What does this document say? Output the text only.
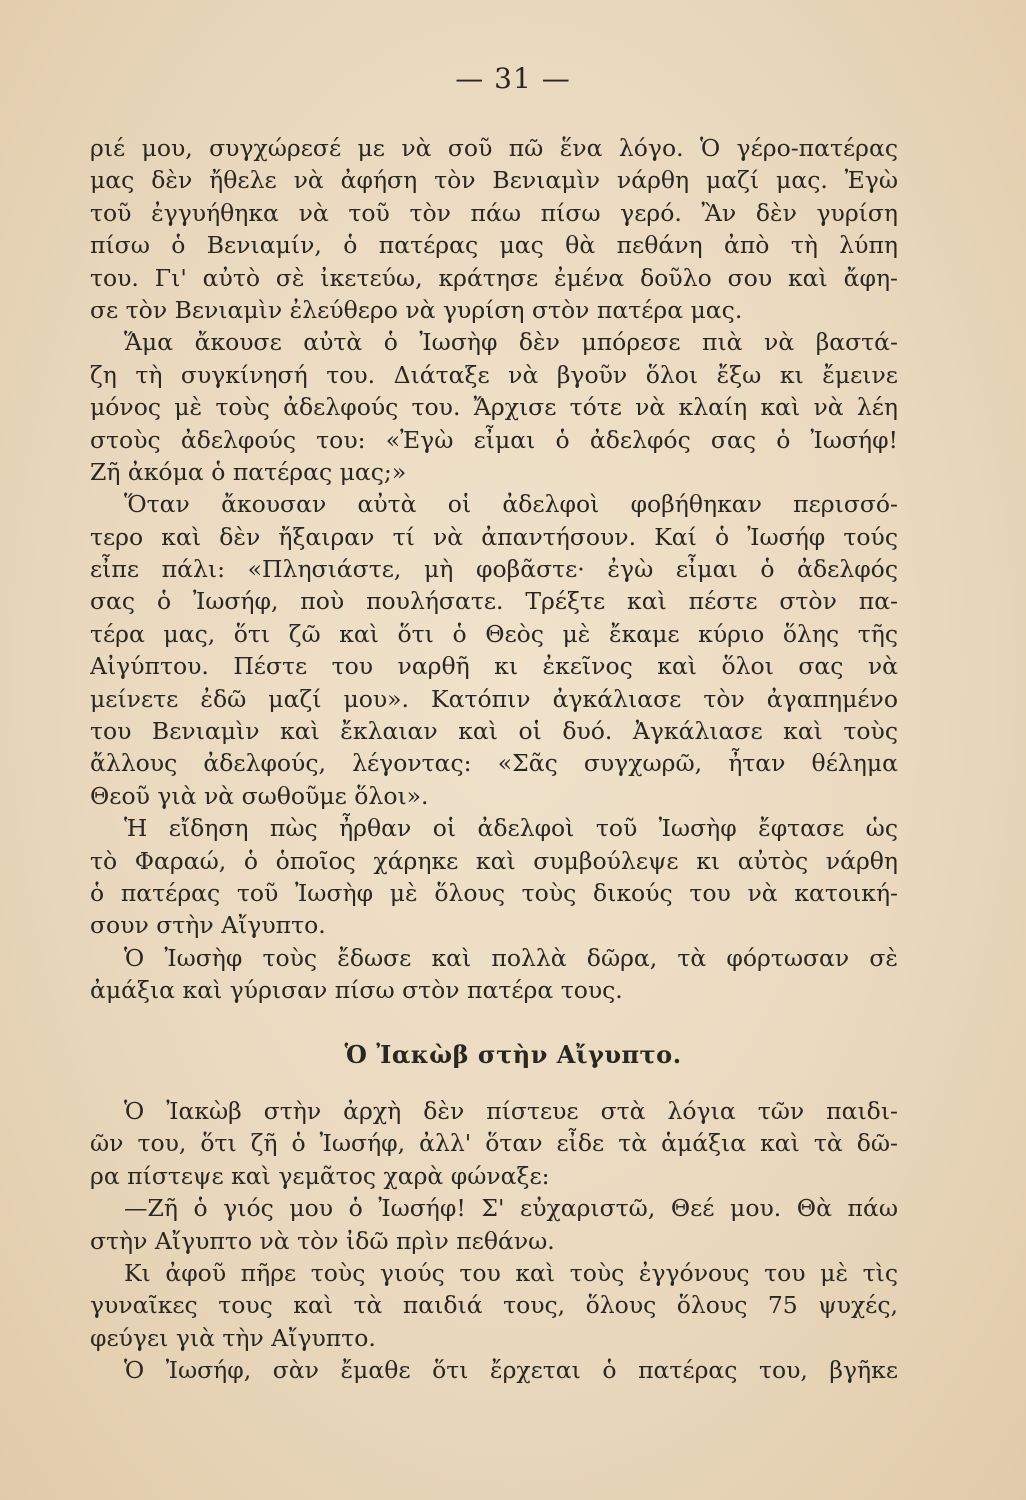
— 31 —
ριέ μου, συγχώρεσέ με νὰ σοῦ πῶ ἕνα λόγο. Ὁ γέρο-πατέρας
μας δὲν ἤθελε νὰ ἀφήση τὸν Βενιαμὶν νάρθη μαζί μας. Ἐγὼ
τοῦ ἐγγυήθηκα νὰ τοῦ τὸν πάω πίσω γερό. Ἂν δὲν γυρίση
πίσω ὁ Βενιαμίν, ὁ πατέρας μας θὰ πεθάνη ἀπὸ τὴ λύπη
του. Γι' αὐτὸ σὲ ἰκετεύω, κράτησε ἐμένα δοῦλο σου καὶ ἄφη-
σε τὸν Βενιαμὶν ἐλεύθερο νὰ γυρίση στὸν πατέρα μας.
Ἅμα ἄκουσε αὐτὰ ὁ Ἰωσὴφ δὲν μπόρεσε πιὰ νὰ βαστά-
ζη τὴ συγκίνησή του. Διάταξε νὰ βγοῦν ὅλοι ἔξω κι ἔμεινε
μόνος μὲ τοὺς ἀδελφούς του. Ἄρχισε τότε νὰ κλαίη καὶ νὰ λέη
στοὺς ἀδελφούς του: «Ἐγὼ εἶμαι ὁ ἀδελφός σας ὁ Ἰωσήφ!
Ζῆ ἀκόμα ὁ πατέρας μας;»
Ὅταν ἄκουσαν αὐτὰ οἱ ἀδελφοὶ φοβήθηκαν περισσό-
τερο καὶ δὲν ἤξαιραν τί νὰ ἀπαντήσουν. Καί ὁ Ἰωσήφ τούς
εἶπε πάλι: «Πλησιάστε, μὴ φοβᾶστε· ἐγὼ εἶμαι ὁ ἀδελφός
σας ὁ Ἰωσήφ, ποὺ πουλήσατε. Τρέξτε καὶ πέστε στὸν πα-
τέρα μας, ὅτι ζῶ καὶ ὅτι ὁ Θεὸς μὲ ἔκαμε κύριο ὅλης τῆς
Αἰγύπτου. Πέστε του ναρθῆ κι ἐκεῖνος καὶ ὅλοι σας νὰ
μείνετε ἐδῶ μαζί μου». Κατόπιν ἀγκάλιασε τὸν ἀγαπημένο
του Βενιαμὶν καὶ ἔκλαιαν καὶ οἱ δυό. Ἀγκάλιασε καὶ τοὺς
ἄλλους ἀδελφούς, λέγοντας: «Σᾶς συγχωρῶ, ἦταν θέλημα
Θεοῦ γιὰ νὰ σωθοῦμε ὅλοι».
Ἡ εἴδηση πὼς ἦρθαν οἱ ἀδελφοὶ τοῦ Ἰωσὴφ ἔφτασε ὡς
τὸ Φαραώ, ὁ ὁποῖος χάρηκε καὶ συμβούλεψε κι αὐτὸς νάρθη
ὁ πατέρας τοῦ Ἰωσὴφ μὲ ὅλους τοὺς δικούς του νὰ κατοική-
σουν στὴν Αἴγυπτο.
Ὁ Ἰωσὴφ τοὺς ἔδωσε καὶ πολλὰ δῶρα, τὰ φόρτωσαν σὲ
ἀμάξια καὶ γύρισαν πίσω στὸν πατέρα τους.
Ὁ Ἰακὼβ στὴν Αἴγυπτο.
Ὁ Ἰακὼβ στὴν ἀρχὴ δὲν πίστευε στὰ λόγια τῶν παιδι-
ῶν του, ὅτι ζῆ ὁ Ἰωσήφ, ἀλλ' ὅταν εἶδε τὰ ἁμάξια καὶ τὰ δῶ-
ρα πίστεψε καὶ γεμᾶτος χαρὰ φώναξε:
—Ζῆ ὁ γιός μου ὁ Ἰωσήφ! Σ' εὐχαριστῶ, Θεέ μου. Θὰ πάω
στὴν Αἴγυπτο νὰ τὸν ἰδῶ πρὶν πεθάνω.
Κι ἀφοῦ πῆρε τοὺς γιούς του καὶ τοὺς ἐγγόνους του μὲ τὶς
γυναῖκες τους καὶ τὰ παιδιά τους, ὅλους ὅλους 75 ψυχές,
φεύγει γιὰ τὴν Αἴγυπτο.
Ὁ Ἰωσήφ, σὰν ἔμαθε ὅτι ἔρχεται ὁ πατέρας του, βγῆκε
